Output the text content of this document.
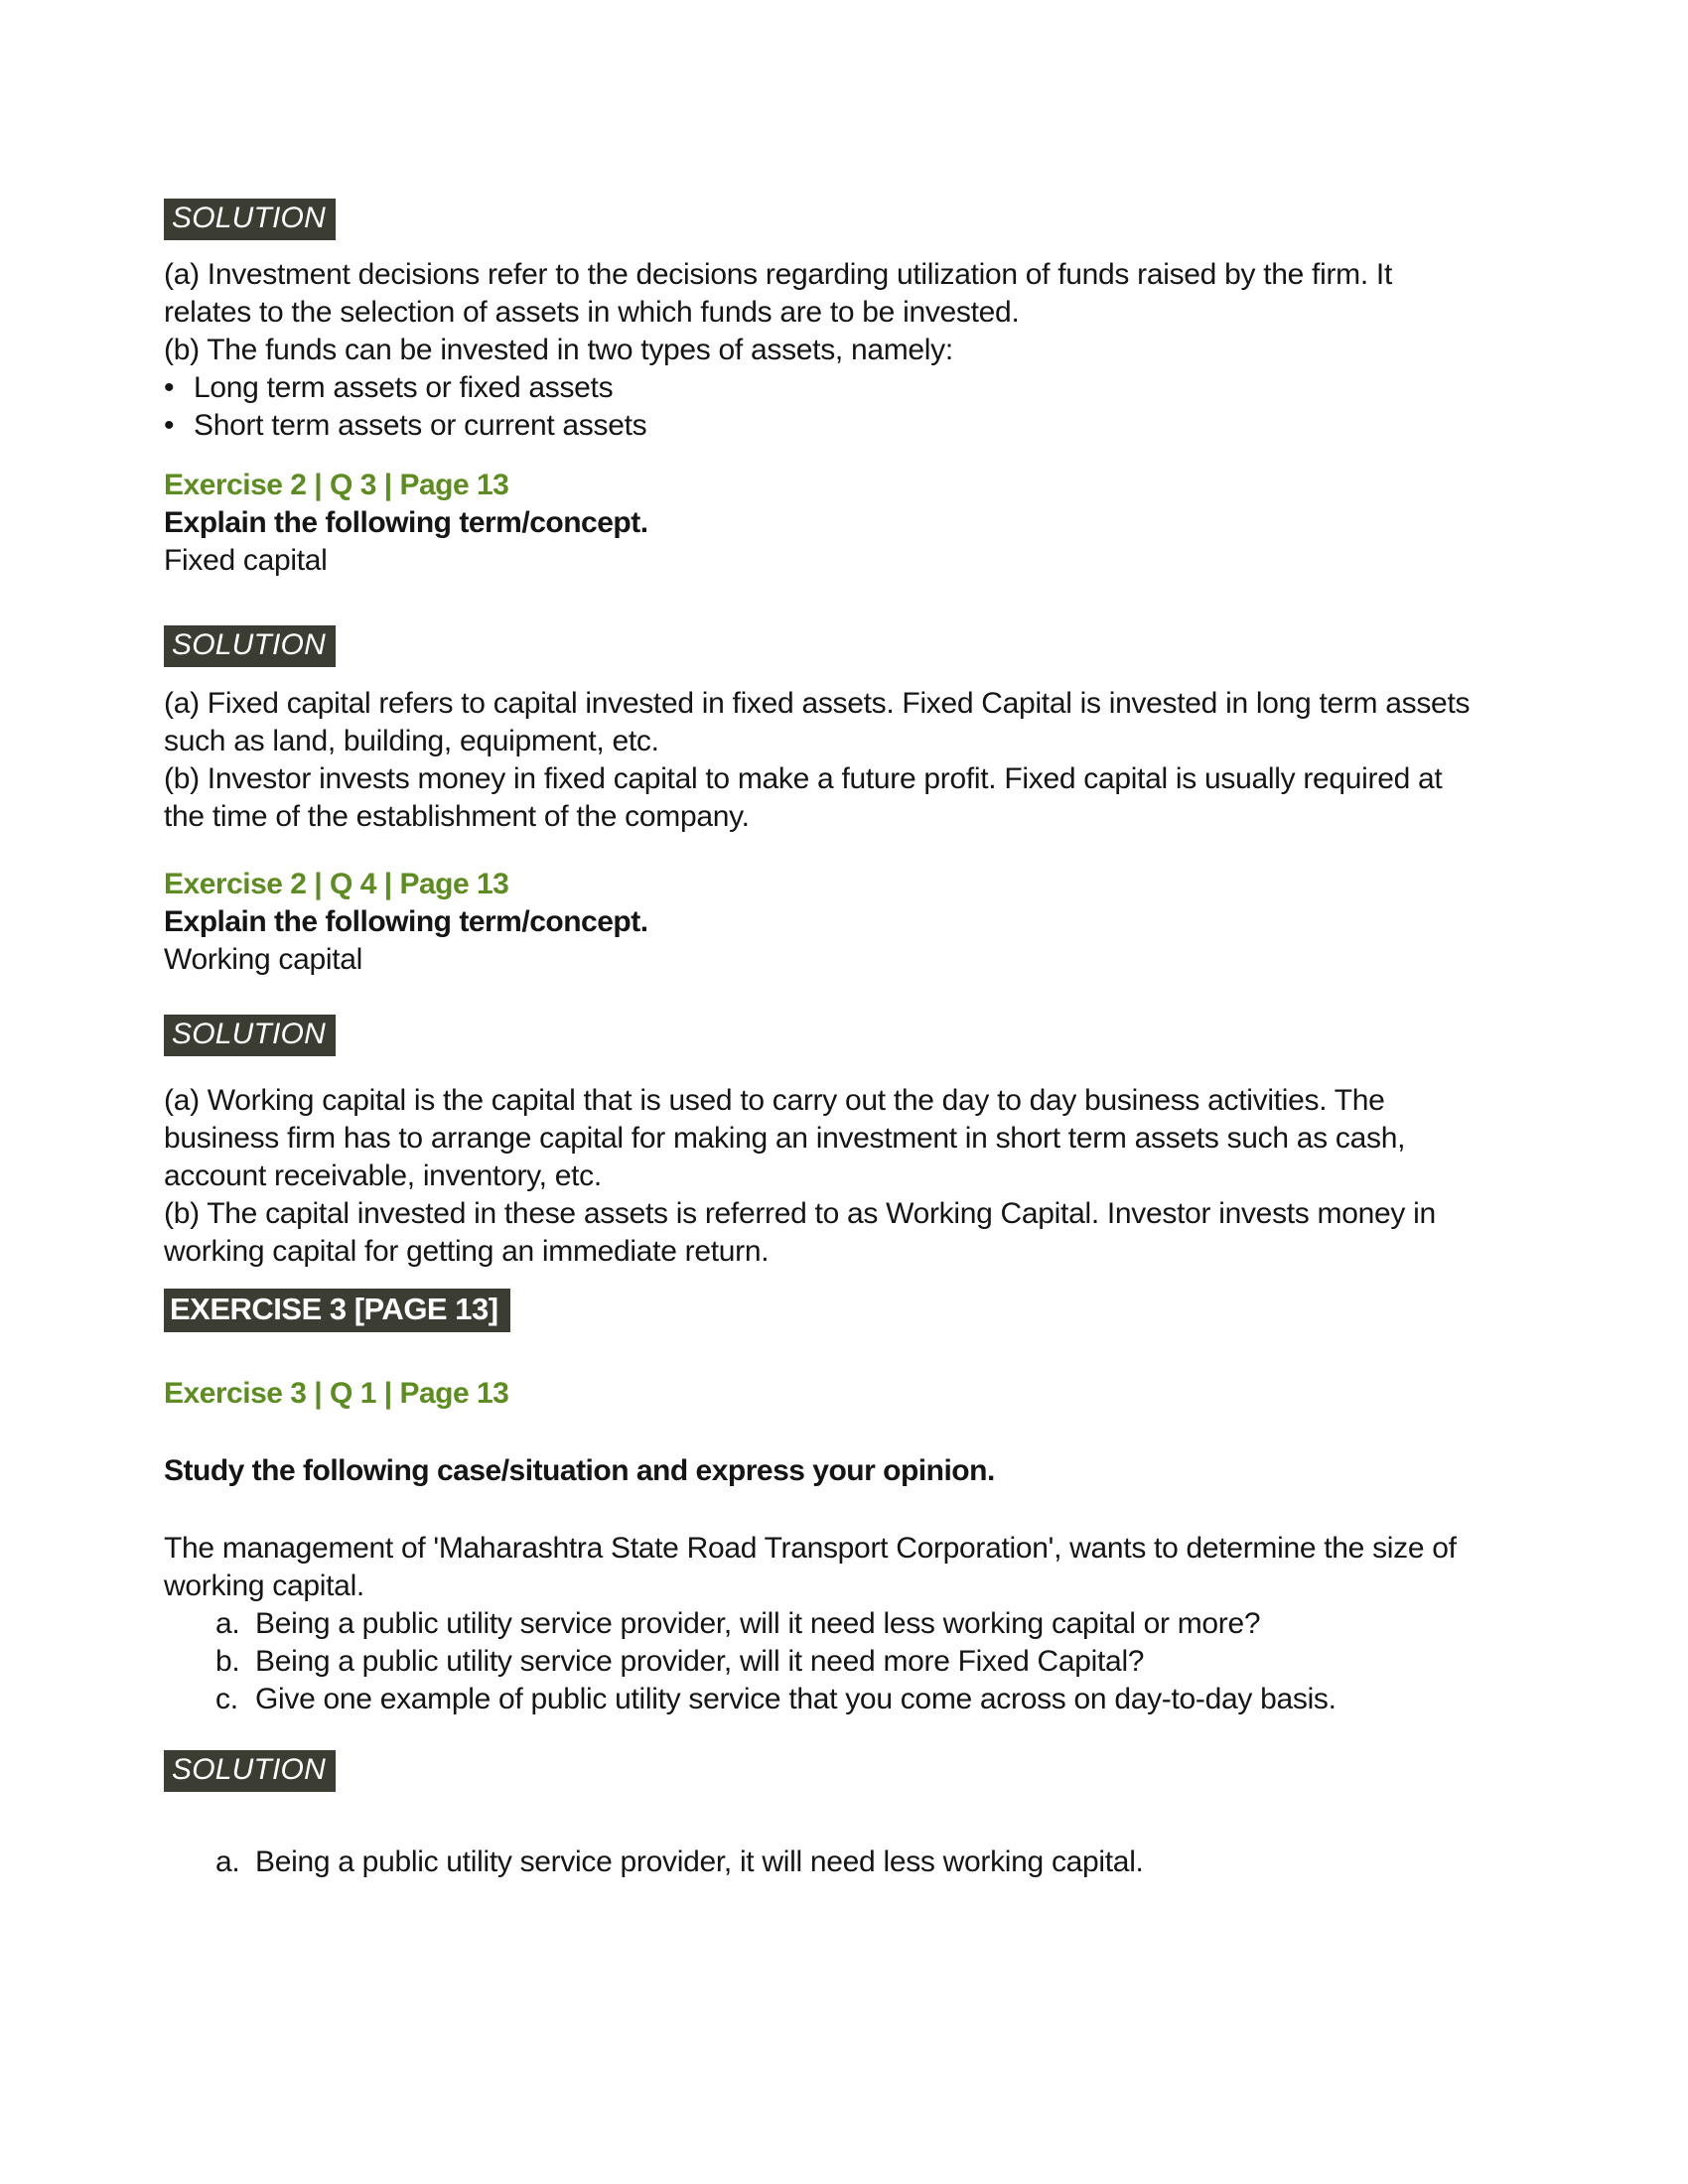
SOLUTION

(a) Investment decisions refer to the decisions regarding utilization of funds raised by the firm. It relates to the selection of assets in which funds are to be invested.

(b) The funds can be invested in two types of assets, namely:

• Long term assets or fixed assets
• Short term assets or current assets

Exercise 2 | Q 3 | Page 13

Explain the following term/concept.

Fixed capital

SOLUTION

(a) Fixed capital refers to capital invested in fixed assets. Fixed Capital is invested in long term assets such as land, building, equipment, etc.

(b) Investor invests money in fixed capital to make a future profit. Fixed capital is usually required at the time of the establishment of the company.

Exercise 2 | Q 4 | Page 13

Explain the following term/concept.

Working capital

SOLUTION

(a) Working capital is the capital that is used to carry out the day to day business activities. The business firm has to arrange capital for making an investment in short term assets such as cash, account receivable, inventory, etc.

(b) The capital invested in these assets is referred to as Working Capital. Investor invests money in working capital for getting an immediate return.

EXERCISE 3 [PAGE 13]

Exercise 3 | Q 1 | Page 13

Study the following case/situation and express your opinion.

The management of 'Maharashtra State Road Transport Corporation', wants to determine the size of working capital.

a. Being a public utility service provider, will it need less working capital or more?
b. Being a public utility service provider, will it need more Fixed Capital?
c. Give one example of public utility service that you come across on day-to-day basis.
SOLUTION
a. Being a public utility service provider, it will need less working capital.
